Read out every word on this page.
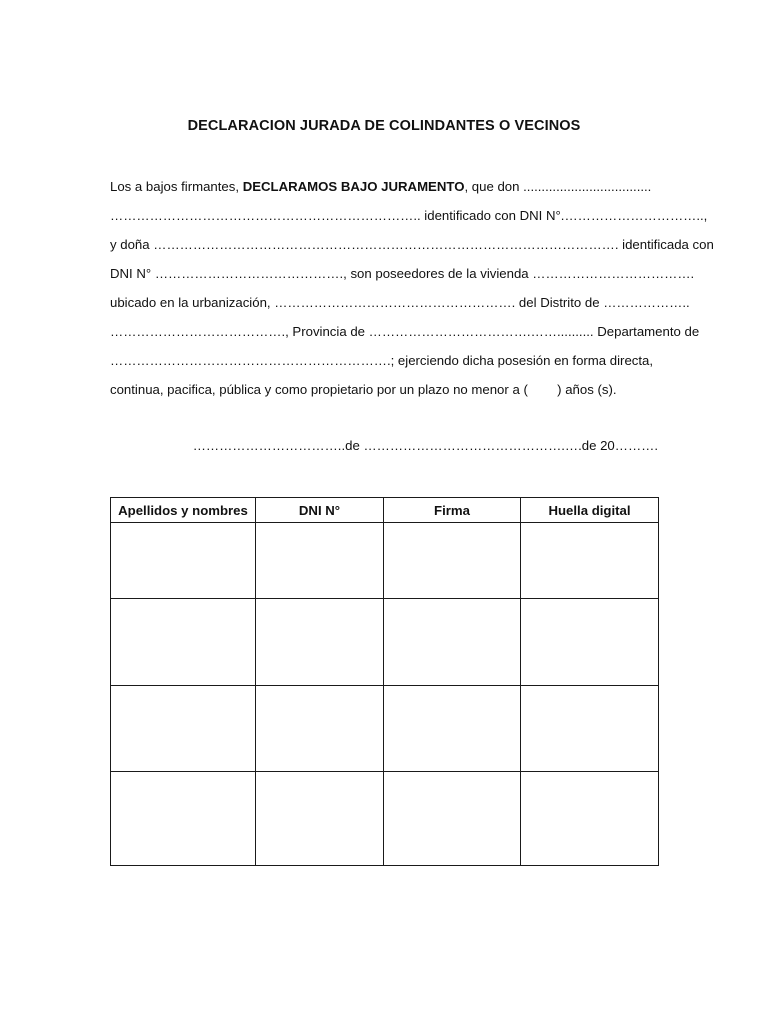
DECLARACION JURADA DE COLINDANTES O VECINOS
Los a bajos firmantes, DECLARAMOS BAJO JURAMENTO, que don ...................................
…………………………………………………………….. identificado con DNI N° .…………………………..,
y doña …………………………………………………………………………………………… . identificada con
DNI N° ……………………………………., son poseedores de la vivienda ……………………………….
ubicado en la urbanización, ……………………………………………… . del Distrito de ………………..
…………………………………., Provincia de ……………………………….…….......... Departamento de
……………………………………………………….; ejerciendo dicha posesión en forma directa,
continua, pacifica, pública y como propietario por un plazo no menor a (        ) años (s).
……………………………..de ……………………………………….….de 20……….
Apellidos y nombres	DNI N°	Firma	Huella digital
